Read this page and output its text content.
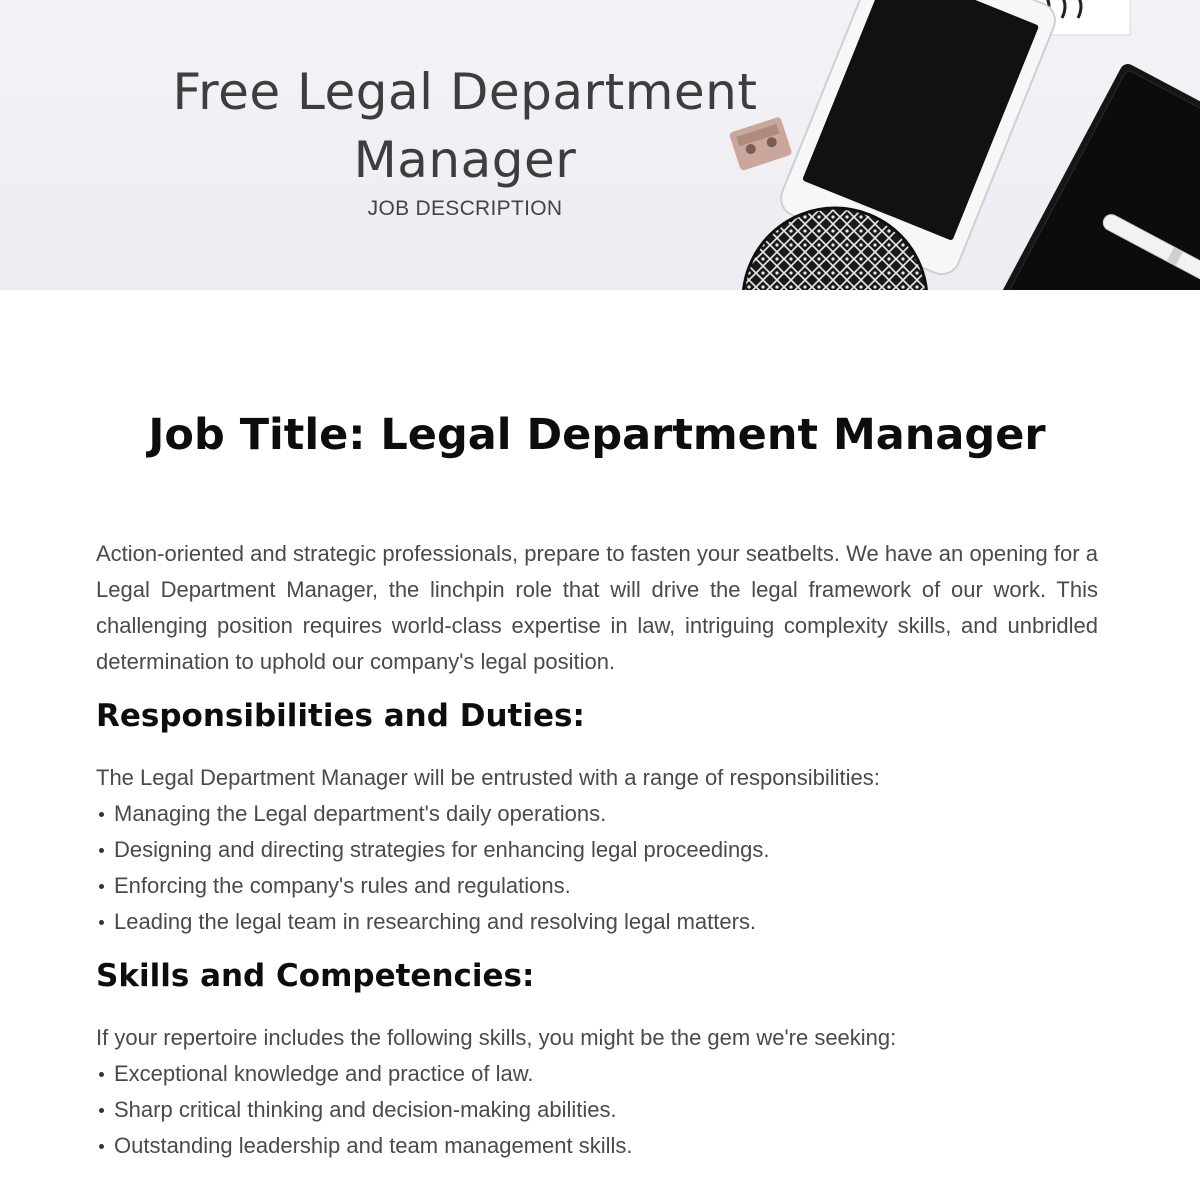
Free Legal Department Manager
JOB DESCRIPTION
Job Title: Legal Department Manager

Action-oriented and strategic professionals, prepare to fasten your seatbelts. We have an opening for a Legal Department Manager, the linchpin role that will drive the legal framework of our work. This challenging position requires world-class expertise in law, intriguing complexity skills, and unbridled determination to uphold our company's legal position.

Responsibilities and Duties:

The Legal Department Manager will be entrusted with a range of responsibilities:

Managing the Legal department's daily operations.
Designing and directing strategies for enhancing legal proceedings.
Enforcing the company's rules and regulations.
Leading the legal team in researching and resolving legal matters.
Skills and Competencies:

If your repertoire includes the following skills, you might be the gem we're seeking:

Exceptional knowledge and practice of law.
Sharp critical thinking and decision-making abilities.
Outstanding leadership and team management skills.
